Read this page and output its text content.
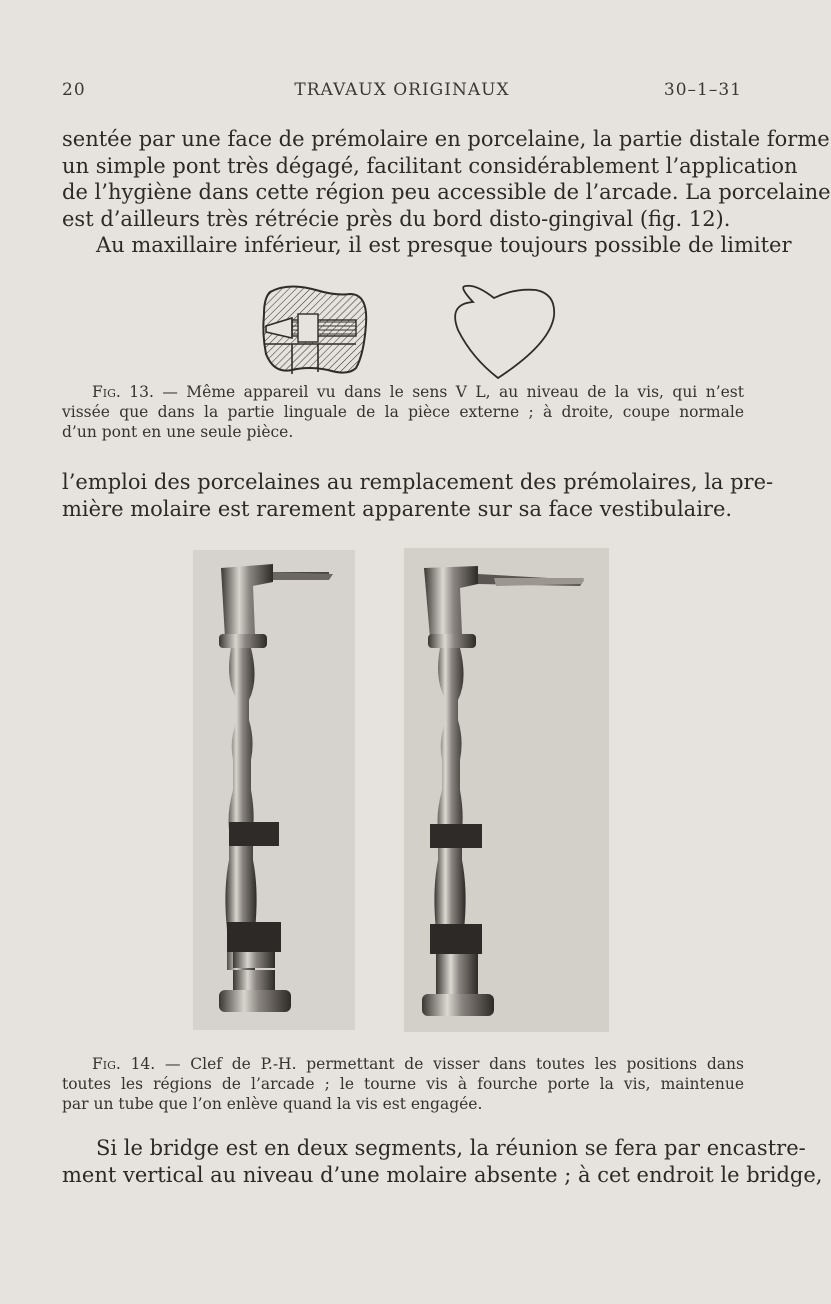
20	TRAVAUX ORIGINAUX	30–1–31
sentée par une face de prémolaire en porcelaine, la partie distale forme
un simple pont très dégagé, facilitant considérablement l’application
de l’hygiène dans cette région peu accessible de l’arcade. La porcelaine
est d’ailleurs très rétrécie près du bord disto-gingival (fig. 12).
Au maxillaire inférieur, il est presque toujours possible de limiter
Fig. 13. — Même appareil vu dans le sens V L, au niveau de la vis, qui n’est
vissée que dans la partie linguale de la pièce externe ; à droite, coupe normale
d’un pont en une seule pièce.
l’emploi des porcelaines au remplacement des prémolaires, la pre-
mière molaire est rarement apparente sur sa face vestibulaire.
Fig. 14. — Clef de P.-H. permettant de visser dans toutes les positions dans
toutes les régions de l’arcade ; le tourne vis à fourche porte la vis, maintenue
par un tube que l’on enlève quand la vis est engagée.
Si le bridge est en deux segments, la réunion se fera par encastre-
ment vertical au niveau d’une molaire absente ; à cet endroit le bridge,
